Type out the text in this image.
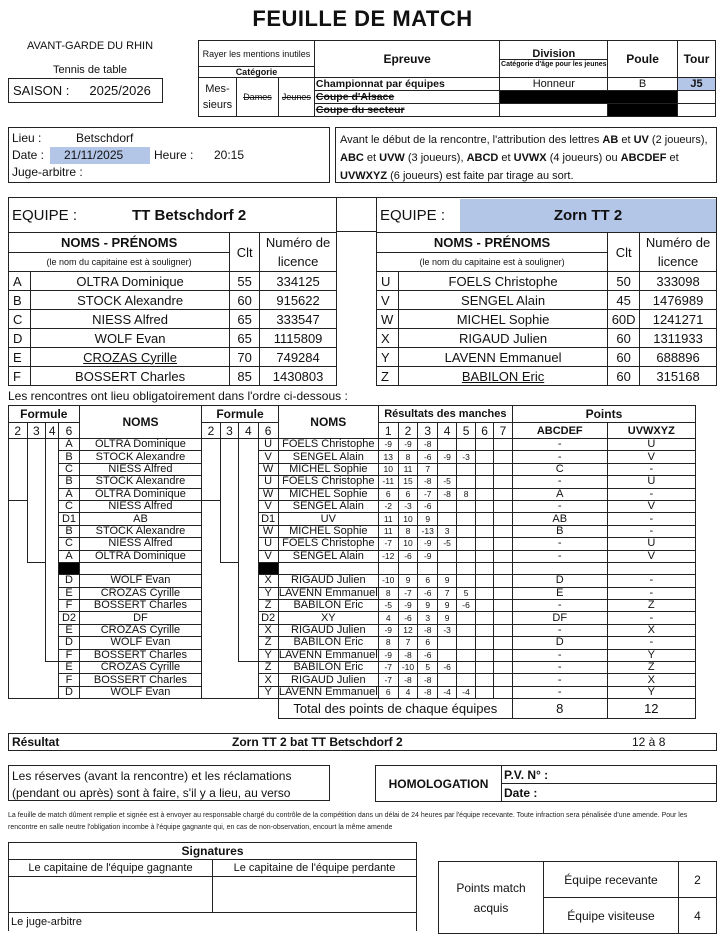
FEUILLE DE MATCH
AVANT-GARDE DU RHIN
Tennis de table
SAISON : 2025/2026
Rayer les mentions inutiles			Epreuve	Division
Catégorie d'âge pour les jeunes	Poule	Tour
Catégorie						
Mes-sieurs	Dames	Jeunes	Championnat par équipes	Honneur	B	J5
			Coupe d'Alsace			
			Coupe du secteur			
Lieu :	Betschdorf
Date :	21/11/2025	Heure :	20:15
Juge-arbitre :
Avant le début de la rencontre, l'attribution des lettres AB et UV (2 joueurs), ABC et UVW (3 joueurs), ABCD et UVWX (4 joueurs) ou ABCDEF et UVWXYZ (6 joueurs) est faite par tirage au sort.
EQUIPE : TT Betschdorf 2			
NOMS - PRÉNOMS		Clt	Numéro de licence
(le nom du capitaine est à souligner)			
A	OLTRA Dominique	55	334125
B	STOCK Alexandre	60	915622
C	NIESS Alfred	65	333547
D	WOLF Evan	65	1115809
E	CROZAS Cyrille	70	749284
F	BOSSERT Charles	85	1430803
EQUIPE : Zorn TT 2			

NOMS - PRÉNOMS		Clt	Numéro de licence
(le nom du capitaine est à souligner)			
U	FOELS Christophe	50	333098
V	SENGEL Alain	45	1476989
W	MICHEL Sophie	60D	1241271
X	RIGAUD Julien	60	1311933
Y	LAVENN Emmanuel	60	688896
Z	BABILON Eric	60	315168
Les rencontres ont lieu obligatoirement dans l'ordre ci-dessous :
Formule				NOMS	Formule				NOMS	Résultats des manches							Points	
2	3	4	6		2	3	4	6		1	2	3	4	5	6	7	ABCDEF	UVWXYZ
			A	OLTRA Dominique				U	FOELS Christophe	-9	-9	-8					-	U
			B	STOCK Alexandre				V	SENGEL Alain	13	8	-6	-9	-3			-	V
			C	NIESS Alfred				W	MICHEL Sophie	10	11	7					C	-
			B	STOCK Alexandre				U	FOELS Christophe	-11	15	-8	-5				-	U
			A	OLTRA Dominique				W	MICHEL Sophie	6	6	-7	-8	8			A	-
			C	NIESS Alfred				V	SENGEL Alain	-2	-3	-6					-	V
			D1	AB				D1	UV	11	10	9					AB	-
			B	STOCK Alexandre				W	MICHEL Sophie	11	8	-13	3				B	-
			C	NIESS Alfred				U	FOELS Christophe	-7	10	-9	-5				-	U
			A	OLTRA Dominique				V	SENGEL Alain	-12	-6	-9					-	V

			D	WOLF Evan				X	RIGAUD Julien	-10	9	6	9				D	-
			E	CROZAS Cyrille				Y	LAVENN Emmanuel	8	-7	-6	7	5			E	-
			F	BOSSERT Charles				Z	BABILON Eric	-5	-9	9	9	-6			-	Z
			D2	DF				D2	XY	4	-6	3	9				DF	-
			E	CROZAS Cyrille				X	RIGAUD Julien	-9	12	-8	-3				-	X
			D	WOLF Evan				Z	BABILON Eric	8	7	6					D	-
			F	BOSSERT Charles				Y	LAVENN Emmanuel	-9	-8	-6					-	Y
			E	CROZAS Cyrille				Z	BABILON Eric	-7	-10	5	-6				-	Z
			F	BOSSERT Charles				X	RIGAUD Julien	-7	-8	-8					-	X
			D	WOLF Evan				Y	LAVENN Emmanuel	6	4	-8	-4	-4			-	Y
									Total des points de chaque équipes								8	12
Résultat	Zorn TT 2 bat TT Betschdorf 2	12 à 8
Les réserves (avant la rencontre) et les réclamations
(pendant ou après) sont à faire, s'il y a lieu, au verso
HOMOLOGATION	P.V. N° :
Date :
La feuille de match dûment remplie et signée est à envoyer au responsable chargé du contrôle de la compétition dans un délai de 24 heures par l'équipe recevante. Toute infraction sera pénalisée d'une amende. Pour les rencontre en salle neutre l'obligation incombe à l'équipe gagnante qui, en cas de non-observation, encourt la même amende
Signatures	
Le capitaine de l'équipe gagnante	Le capitaine de l'équipe perdante

Le juge-arbitre	
Points match acquis	Équipe recevante	2
	Équipe visiteuse	4
